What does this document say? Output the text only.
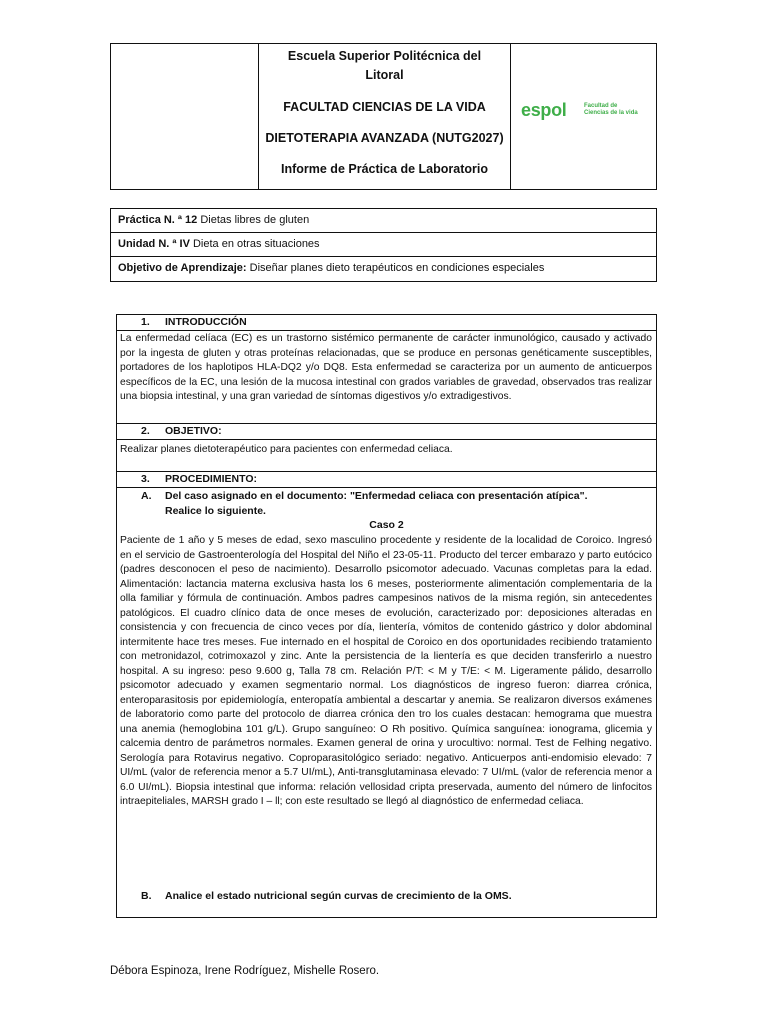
Escuela Superior Politécnica del
Litoral
FACULTAD CIENCIAS DE LA VIDA
DIETOTERAPIA AVANZADA (NUTG2027)
Informe de Práctica de Laboratorio
espol	Facultad de
Ciencias de la vida
Práctica N. ª 12 Dietas libres de gluten
Unidad N. ª IV Dieta en otras situaciones
Objetivo de Aprendizaje: Diseñar planes dieto terapéuticos en condiciones especiales
1. INTRODUCCIÓN
La enfermedad celíaca (EC) es un trastorno sistémico permanente de carácter inmunológico, causado y activado por la ingesta de gluten y otras proteínas relacionadas, que se produce en personas genéticamente susceptibles, portadores de los haplotipos HLA-DQ2 y/o DQ8. Esta enfermedad se caracteriza por un aumento de anticuerpos específicos de la EC, una lesión de la mucosa intestinal con grados variables de gravedad, observados tras realizar una biopsia intestinal, y una gran variedad de síntomas digestivos y/o extradigestivos.
2. OBJETIVO:
Realizar planes dietoterapéutico para pacientes con enfermedad celiaca.
3. PROCEDIMIENTO:
A. Del caso asignado en el documento: "Enfermedad celiaca con presentación atípica".
Realice lo siguiente.
Caso 2
Paciente de 1 año y 5 meses de edad, sexo masculino procedente y residente de la localidad de Coroico. Ingresó en el servicio de Gastroenterología del Hospital del Niño el 23-05-11. Producto del tercer embarazo y parto eutócico (padres desconocen el peso de nacimiento). Desarrollo psicomotor adecuado. Vacunas completas para la edad. Alimentación: lactancia materna exclusiva hasta los 6 meses, posteriormente alimentación complementaria de la olla familiar y fórmula de continuación. Ambos padres campesinos nativos de la misma región, sin antecedentes patológicos. El cuadro clínico data de once meses de evolución, caracterizado por: deposiciones alteradas en consistencia y con frecuencia de cinco veces por día, lientería, vómitos de contenido gástrico y dolor abdominal intermitente hace tres meses. Fue internado en el hospital de Coroico en dos oportunidades recibiendo tratamiento con metronidazol, cotrimoxazol y zinc. Ante la persistencia de la lientería es que deciden transferirlo a nuestro hospital. A su ingreso: peso 9.600 g, Talla 78 cm. Relación P/T: < M y T/E: < M. Ligeramente pálido, desarrollo psicomotor adecuado y examen segmentario normal. Los diagnósticos de ingreso fueron: diarrea crónica, enteroparasitosis por epidemiología, enteropatía ambiental a descartar y anemia. Se realizaron diversos exámenes de laboratorio como parte del protocolo de diarrea crónica den tro los cuales destacan: hemograma que muestra una anemia (hemoglobina 101 g/L). Grupo sanguíneo: O Rh positivo. Química sanguínea: ionograma, glicemia y calcemia dentro de parámetros normales. Examen general de orina y urocultivo: normal. Test de Felhing negativo. Serología para Rotavirus negativo. Coproparasitológico seriado: negativo. Anticuerpos anti-endomisio elevado: 7 UI/mL (valor de referencia menor a 5.7 UI/mL), Anti-transglutaminasa elevado: 7 UI/mL (valor de referencia menor a 6.0 UI/mL). Biopsia intestinal que informa: relación vellosidad cripta preservada, aumento del número de linfocitos intraepiteliales, MARSH grado I – ll; con este resultado se llegó al diagnóstico de enfermedad celiaca.
B. Analice el estado nutricional según curvas de crecimiento de la OMS.
Débora Espinoza, Irene Rodríguez, Mishelle Rosero.
